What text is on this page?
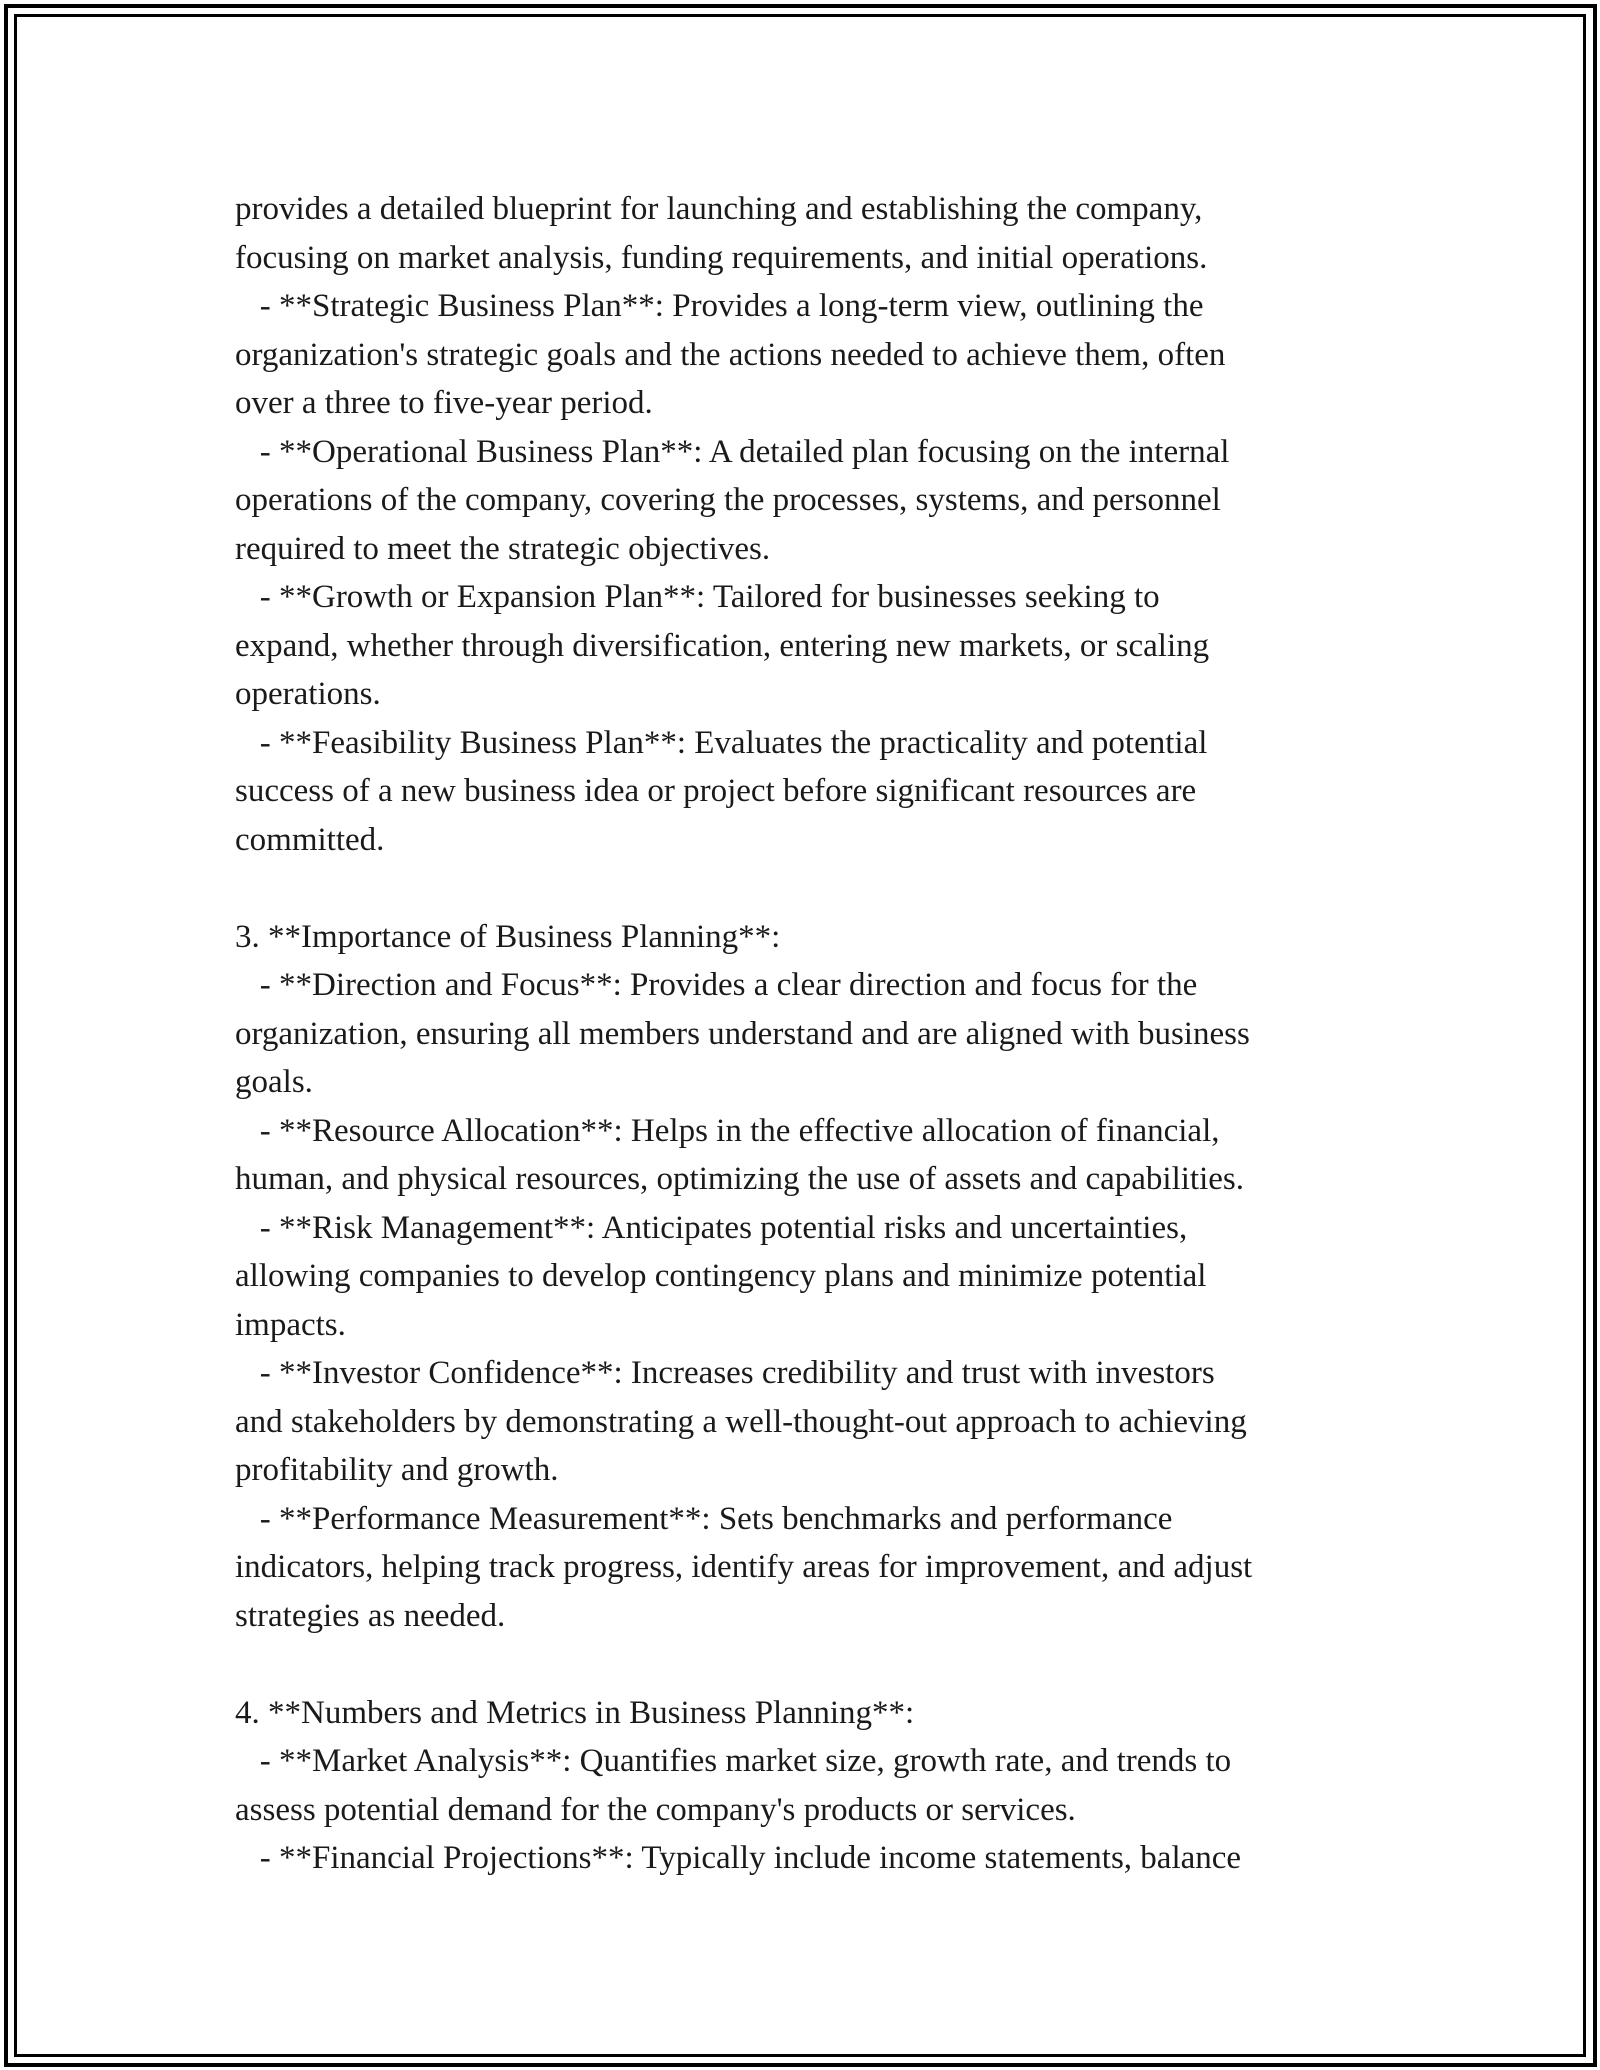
provides a detailed blueprint for launching and establishing the company,
focusing on market analysis, funding requirements, and initial operations.
- **Strategic Business Plan**: Provides a long-term view, outlining the
organization's strategic goals and the actions needed to achieve them, often
over a three to five-year period.
- **Operational Business Plan**: A detailed plan focusing on the internal
operations of the company, covering the processes, systems, and personnel
required to meet the strategic objectives.
- **Growth or Expansion Plan**: Tailored for businesses seeking to
expand, whether through diversification, entering new markets, or scaling
operations.
- **Feasibility Business Plan**: Evaluates the practicality and potential
success of a new business idea or project before significant resources are
committed.
3. **Importance of Business Planning**:
- **Direction and Focus**: Provides a clear direction and focus for the
organization, ensuring all members understand and are aligned with business
goals.
- **Resource Allocation**: Helps in the effective allocation of financial,
human, and physical resources, optimizing the use of assets and capabilities.
- **Risk Management**: Anticipates potential risks and uncertainties,
allowing companies to develop contingency plans and minimize potential
impacts.
- **Investor Confidence**: Increases credibility and trust with investors
and stakeholders by demonstrating a well-thought-out approach to achieving
profitability and growth.
- **Performance Measurement**: Sets benchmarks and performance
indicators, helping track progress, identify areas for improvement, and adjust
strategies as needed.
4. **Numbers and Metrics in Business Planning**:
- **Market Analysis**: Quantifies market size, growth rate, and trends to
assess potential demand for the company's products or services.
- **Financial Projections**: Typically include income statements, balance
